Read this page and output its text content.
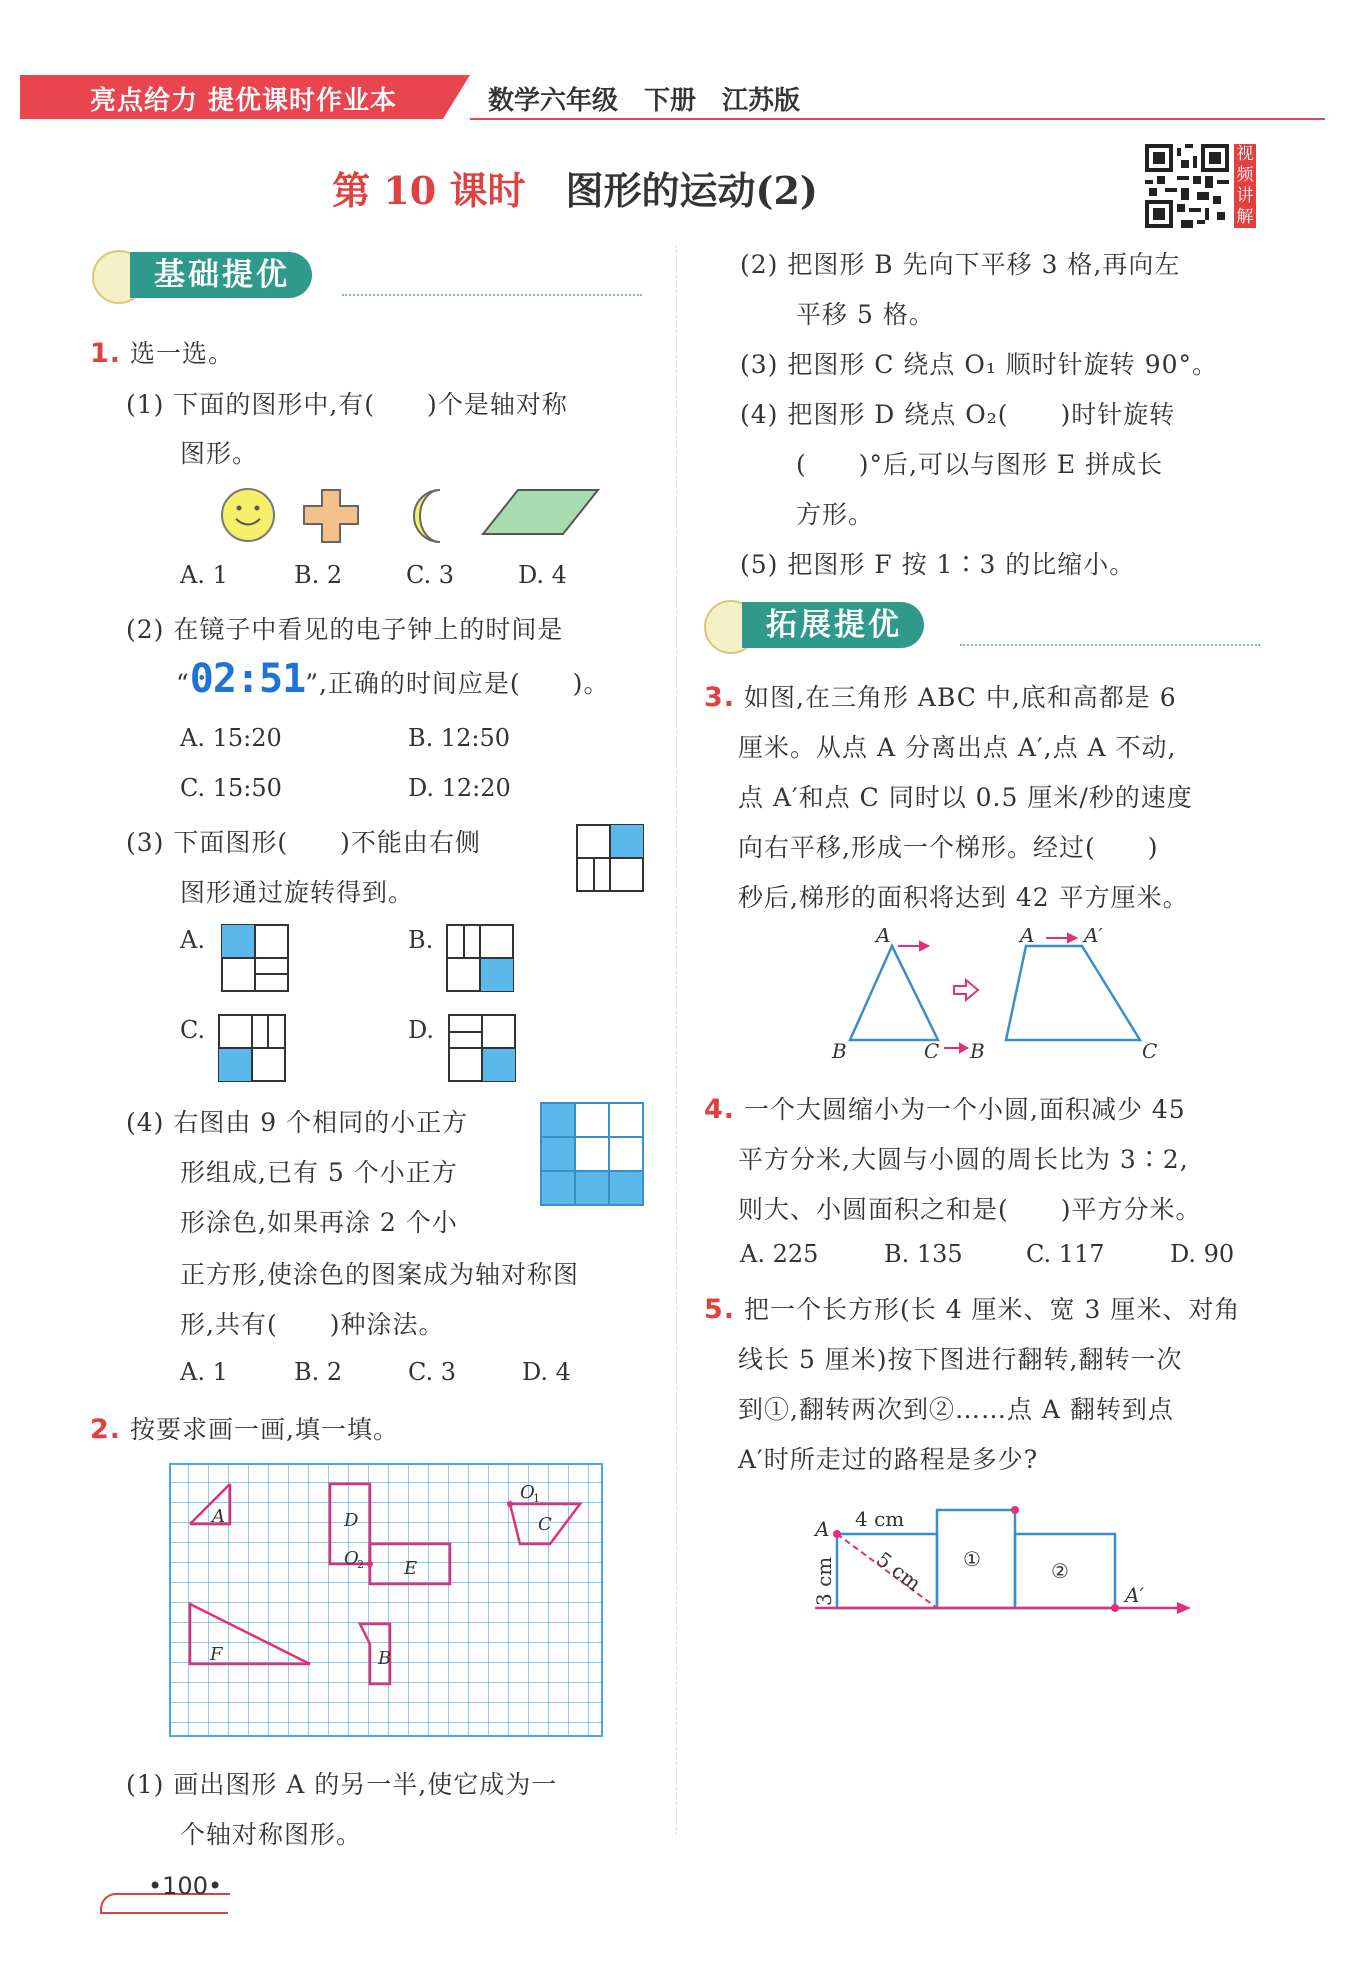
亮点给力 提优课时作业本	数学六年级　下册　江苏版
第 10 课时 图形的运动(2)
视频讲解
基础提优
1. 选一选。
(1) 下面的图形中,有(　　)个是轴对称
图形。
A. 1	B. 2	C. 3	D. 4
(2) 在镜子中看见的电子钟上的时间是
“02:51”,正确的时间应是(　　)。
A. 15:20	B. 12:50
C. 15:50	D. 12:20
(3) 下面图形(　　)不能由右侧
图形通过旋转得到。
A.	B.
C.	D.
(4) 右图由 9 个相同的小正方
形组成,已有 5 个小正方
形涂色,如果再涂 2 个小
正方形,使涂色的图案成为轴对称图
形,共有(　　)种涂法。
A. 1	B. 2	C. 3	D. 4
2. 按要求画一画,填一填。
A	D
E
C
B
F
O
O
1
2
(1) 画出图形 A 的另一半,使它成为一
个轴对称图形。
(2) 把图形 B 先向下平移 3 格,再向左
平移 5 格。
(3) 把图形 C 绕点 O₁ 顺时针旋转 90°。
(4) 把图形 D 绕点 O₂(　　)时针旋转
(　　)°后,可以与图形 E 拼成长
方形。
(5) 把图形 F 按 1∶3 的比缩小。
拓展提优
3. 如图,在三角形 ABC 中,底和高都是 6
厘米。从点 A 分离出点 A′,点 A 不动,
点 A′和点 C 同时以 0.5 厘米/秒的速度
向右平移,形成一个梯形。经过(　　)
秒后,梯形的面积将达到 42 平方厘米。
A
B	C
A A′
B	C
4. 一个大圆缩小为一个小圆,面积减少 45
平方分米,大圆与小圆的周长比为 3∶2,
则大、小圆面积之和是(　　)平方分米。
A. 225	B. 135	C. 117	D. 90
5. 把一个长方形(长 4 厘米、宽 3 厘米、对角
线长 5 厘米)按下图进行翻转,翻转一次
到①,翻转两次到②……点 A 翻转到点
A′时所走过的路程是多少?
A
A′
4 cm
3 cm 5 cm ①	②
•100•
